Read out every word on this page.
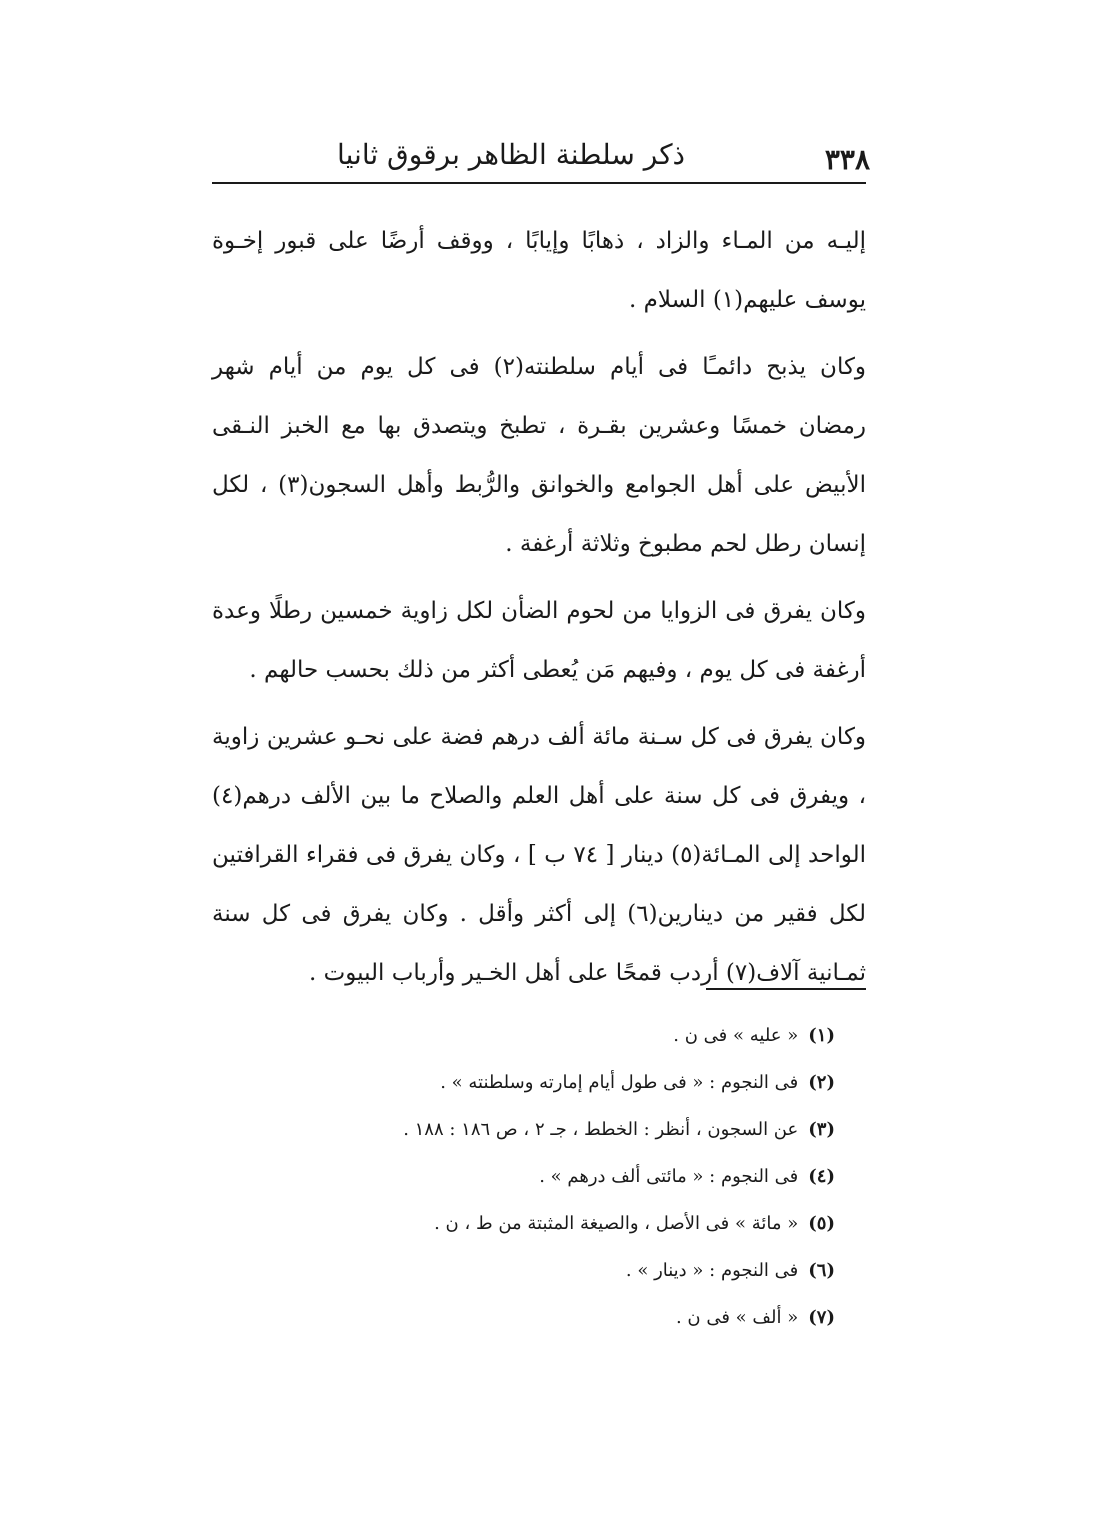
ذكر سلطنة الظاهر برقوق ثانيا	٣٣٨

إليـه من المـاء والزاد ، ذهابًا وإيابًا ، ووقف أرضًا على قبور إخـوة يوسف عليهم(١) السلام .

وكان يذبح دائمـًا فى أيام سلطنته(٢) فى كل يوم من أيام شهر رمضان خمسًا وعشرين بقـرة ، تطبخ ويتصدق بها مع الخبز النـقى الأبيض على أهل الجوامع والخوانق والرُّبط وأهل السجون(٣) ، لكل إنسان رطل لحم مطبوخ وثلاثة أرغفة .

وكان يفرق فى الزوايا من لحوم الضأن لكل زاوية خمسين رطلًا وعدة أرغفة فى كل يوم ، وفيهم مَن يُعطى أكثر من ذلك بحسب حالهم .

وكان يفرق فى كل سـنة مائة ألف درهم فضة على نحـو عشرين زاوية ، ويفرق فى كل سنة على أهل العلم والصلاح ما بين الألف درهم(٤) الواحد إلى المـائة(٥) دينار [ ٧٤ ب ] ، وكان يفرق فى فقراء القرافتين لكل فقير من دينارين(٦) إلى أكثر وأقل . وكان يفرق فى كل سنة ثمـانية آلاف(٧) أردب قمحًا على أهل الخـير وأرباب البيوت .

(١)« عليه » فى ن .
(٢)فى النجوم : « فى طول أيام إمارته وسلطنته » .
(٣)عن السجون ، أنظر : الخطط ، جـ ٢ ، ص ١٨٦ : ١٨٨ .
(٤)فى النجوم : « مائتى ألف درهم » .
(٥)« مائة » فى الأصل ، والصيغة المثبتة من ط ، ن .
(٦)فى النجوم : « دينار » .
(٧)« ألف » فى ن .
